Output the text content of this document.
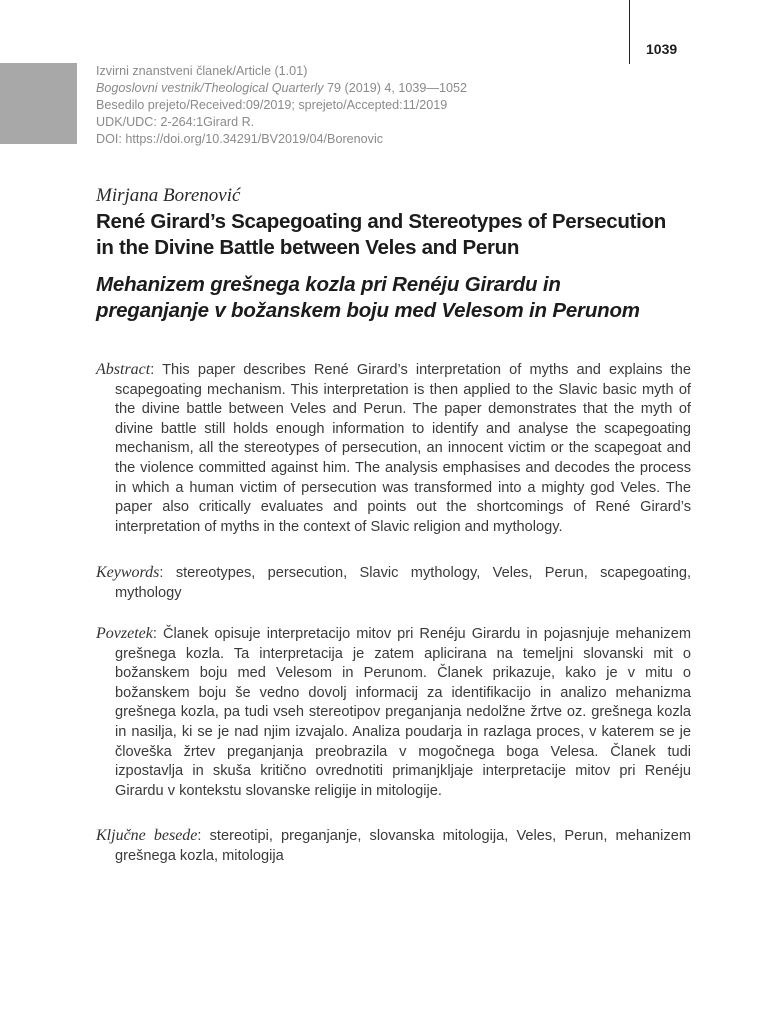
1039
Izvirni znanstveni članek/Article (1.01)
Bogoslovni vestnik/Theological Quarterly 79 (2019) 4, 1039—1052
Besedilo prejeto/Received:09/2019; sprejeto/Accepted:11/2019
UDK/UDC: 2-264:1Girard R.
DOI: https://doi.org/10.34291/BV2019/04/Borenovic
Mirjana Borenović
René Girard’s Scapegoating and Stereotypes of Persecution in the Divine Battle between Veles and Perun
Mehanizem grešnega kozla pri Renéju Girardu in preganjanje v božanskem boju med Velesom in Perunom

Abstract: This paper describes René Girard’s interpretation of myths and explains the scapegoating mechanism. This interpretation is then applied to the Slavic basic myth of the divine battle between Veles and Perun. The paper demonstrates that the myth of divine battle still holds enough information to identify and analyse the scapegoating mechanism, all the stereotypes of persecution, an innocent victim or the scapegoat and the violence committed against him. The analysis emphasises and decodes the process in which a human victim of persecution was transformed into a mighty god Veles. The paper also critically evaluates and points out the shortcomings of René Girard’s interpretation of myths in the context of Slavic religion and mythology.

Keywords: stereotypes, persecution, Slavic mythology, Veles, Perun, scapegoating, mythology

Povzetek: Članek opisuje interpretacijo mitov pri Renéju Girardu in pojasnjuje mehanizem grešnega kozla. Ta interpretacija je zatem aplicirana na temeljni slovanski mit o božanskem boju med Velesom in Perunom. Članek prikazuje, kako je v mitu o božanskem boju še vedno dovolj informacij za identifikacijo in analizo mehanizma grešnega kozla, pa tudi vseh stereotipov preganjanja nedolžne žrtve oz. grešnega kozla in nasilja, ki se je nad njim izvajalo. Analiza poudarja in razlaga proces, v katerem se je človeška žrtev preganjanja preobrazila v mogočnega boga Velesa. Članek tudi izpostavlja in skuša kritično ovrednotiti primanjkljaje interpretacije mitov pri Renéju Girardu v kontekstu slovanske religije in mitologije.

Ključne besede: stereotipi, preganjanje, slovanska mitologija, Veles, Perun, mehanizem grešnega kozla, mitologija
